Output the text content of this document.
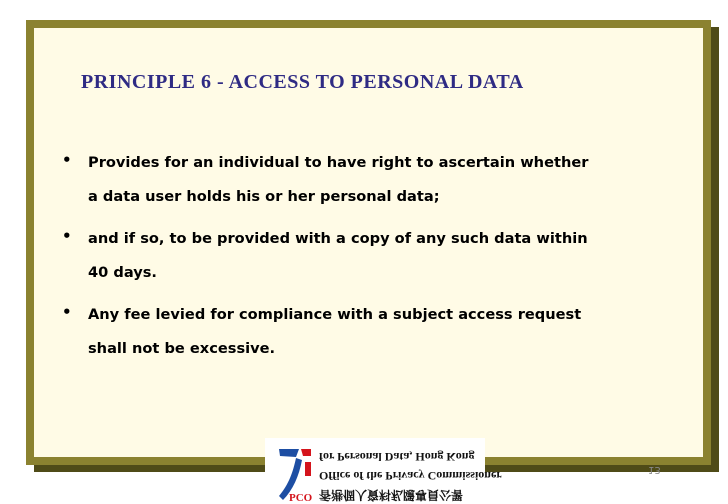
PRINCIPLE 6 - ACCESS TO PERSONAL DATA
•	Provides for an individual to have right to ascertain whether
a data user holds his or her personal data;
•	and if so, to be provided with a copy of any such data within
40 days.
•	Any fee levied for compliance with a subject access request
shall not be excessive.
13
PCO 香港個人資料私隱專員公署
Office of the Privacy Commissioner
for Personal Data, Hong Kong
